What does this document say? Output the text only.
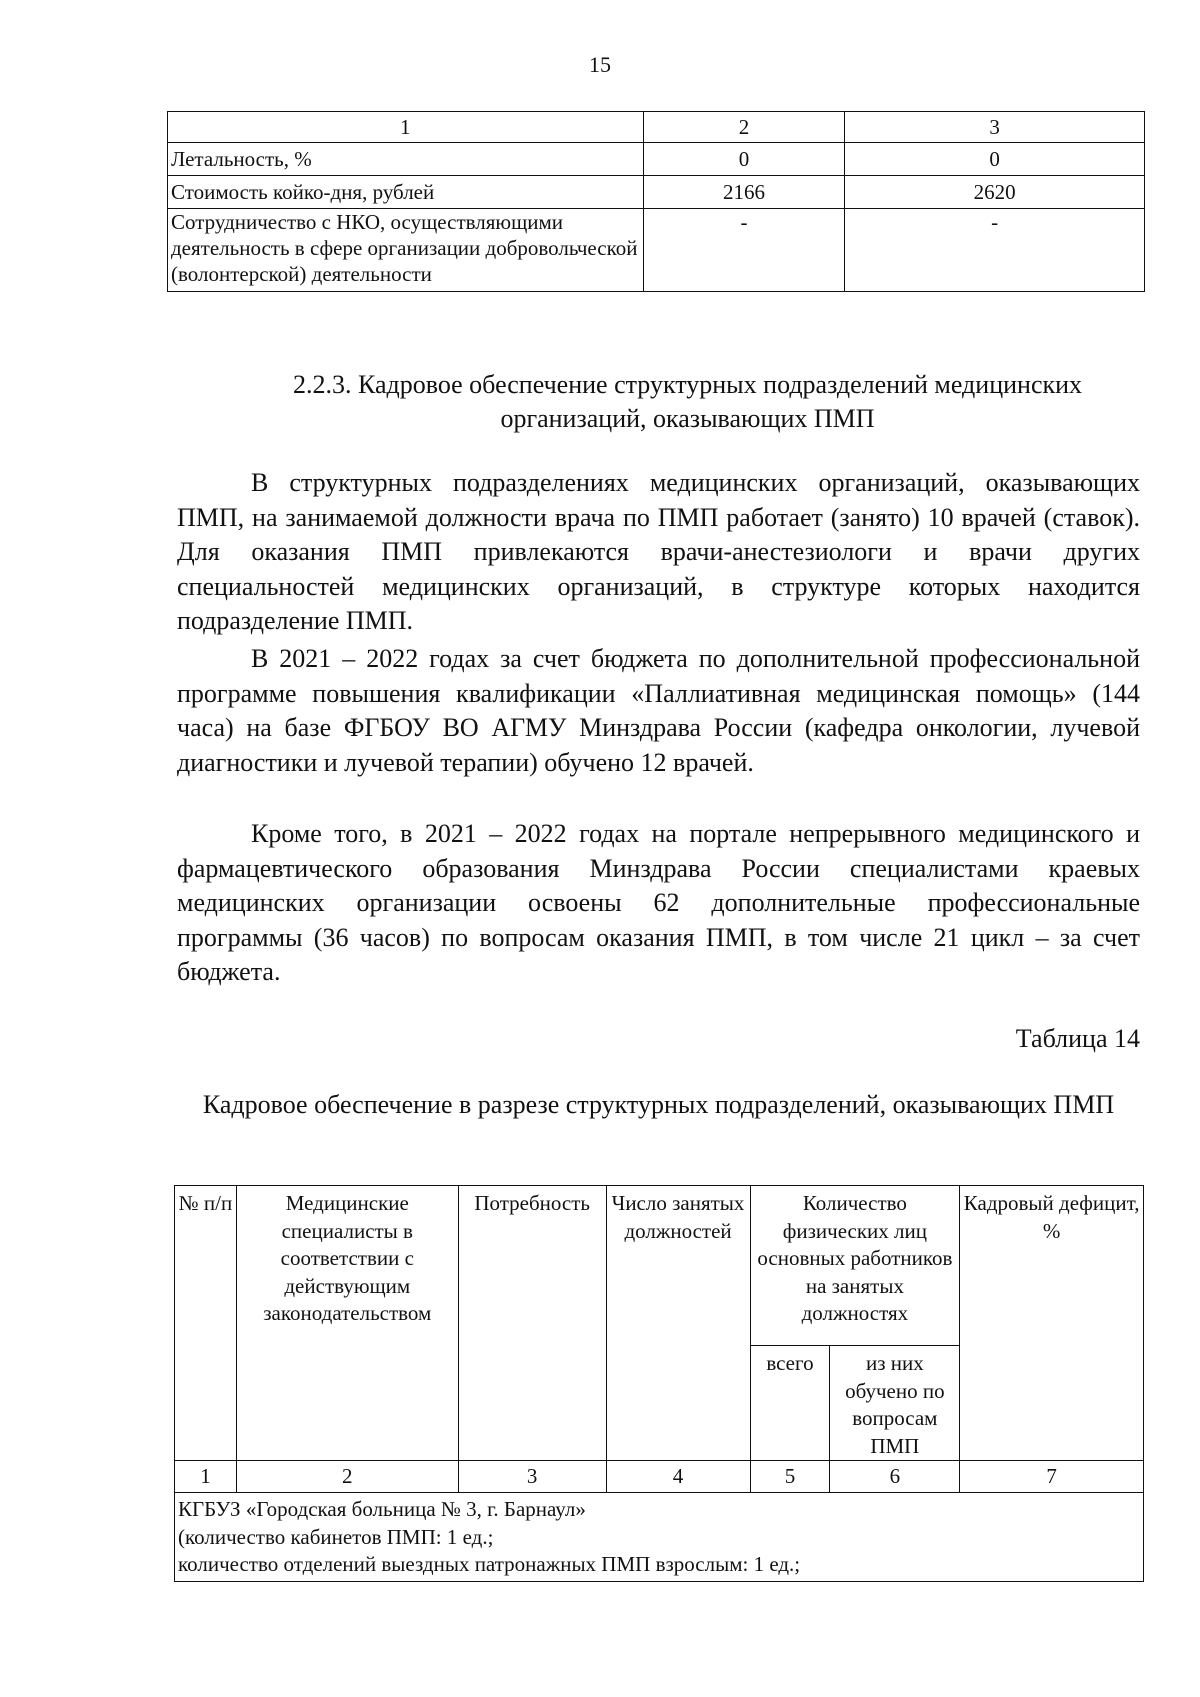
15
1	2	3
Летальность, %	0	0
Стоимость койко-дня, рублей	2166	2620
Сотрудничество с НКО, осуществляющими деятельность в сфере организации добровольческой (волонтерской) деятельности	-	-
2.2.3. Кадровое обеспечение структурных подразделений медицинских организаций, оказывающих ПМП

В структурных подразделениях медицинских организаций, оказывающих ПМП, на занимаемой должности врача по ПМП работает (занято) 10 врачей (ставок). Для оказания ПМП привлекаются врачи-анестезиологи и врачи других специальностей медицинских организаций, в структуре которых находится подразделение ПМП.

В 2021 – 2022 годах за счет бюджета по дополнительной профессиональной программе повышения квалификации «Паллиативная медицинская помощь» (144 часа) на базе ФГБОУ ВО АГМУ Минздрава России (кафедра онкологии, лучевой диагностики и лучевой терапии) обучено 12 врачей.

Кроме того, в 2021 – 2022 годах на портале непрерывного медицинского и фармацевтического образования Минздрава России специалистами краевых медицинских организации освоены 62 дополнительные профессиональные программы (36 часов) по вопросам оказания ПМП, в том числе 21 цикл – за счет бюджета.

Таблица 14
Кадровое обеспечение в разрезе структурных подразделений, оказывающих ПМП
№ п/п	Медицинские специалисты в соответствии с действующим законодательством	Потребность	Число занятых должностей	Количество физических лиц основных работников на занятых должностях		Кадровый дефицит, %
				всего	из них обучено по вопросам ПМП	
1	2	3	4	5	6	7

КГБУЗ «Городская больница № 3, г. Барнаул»
(количество кабинетов ПМП: 1 ед.;
количество отделений выездных патронажных ПМП взрослым: 1 ед.;						
